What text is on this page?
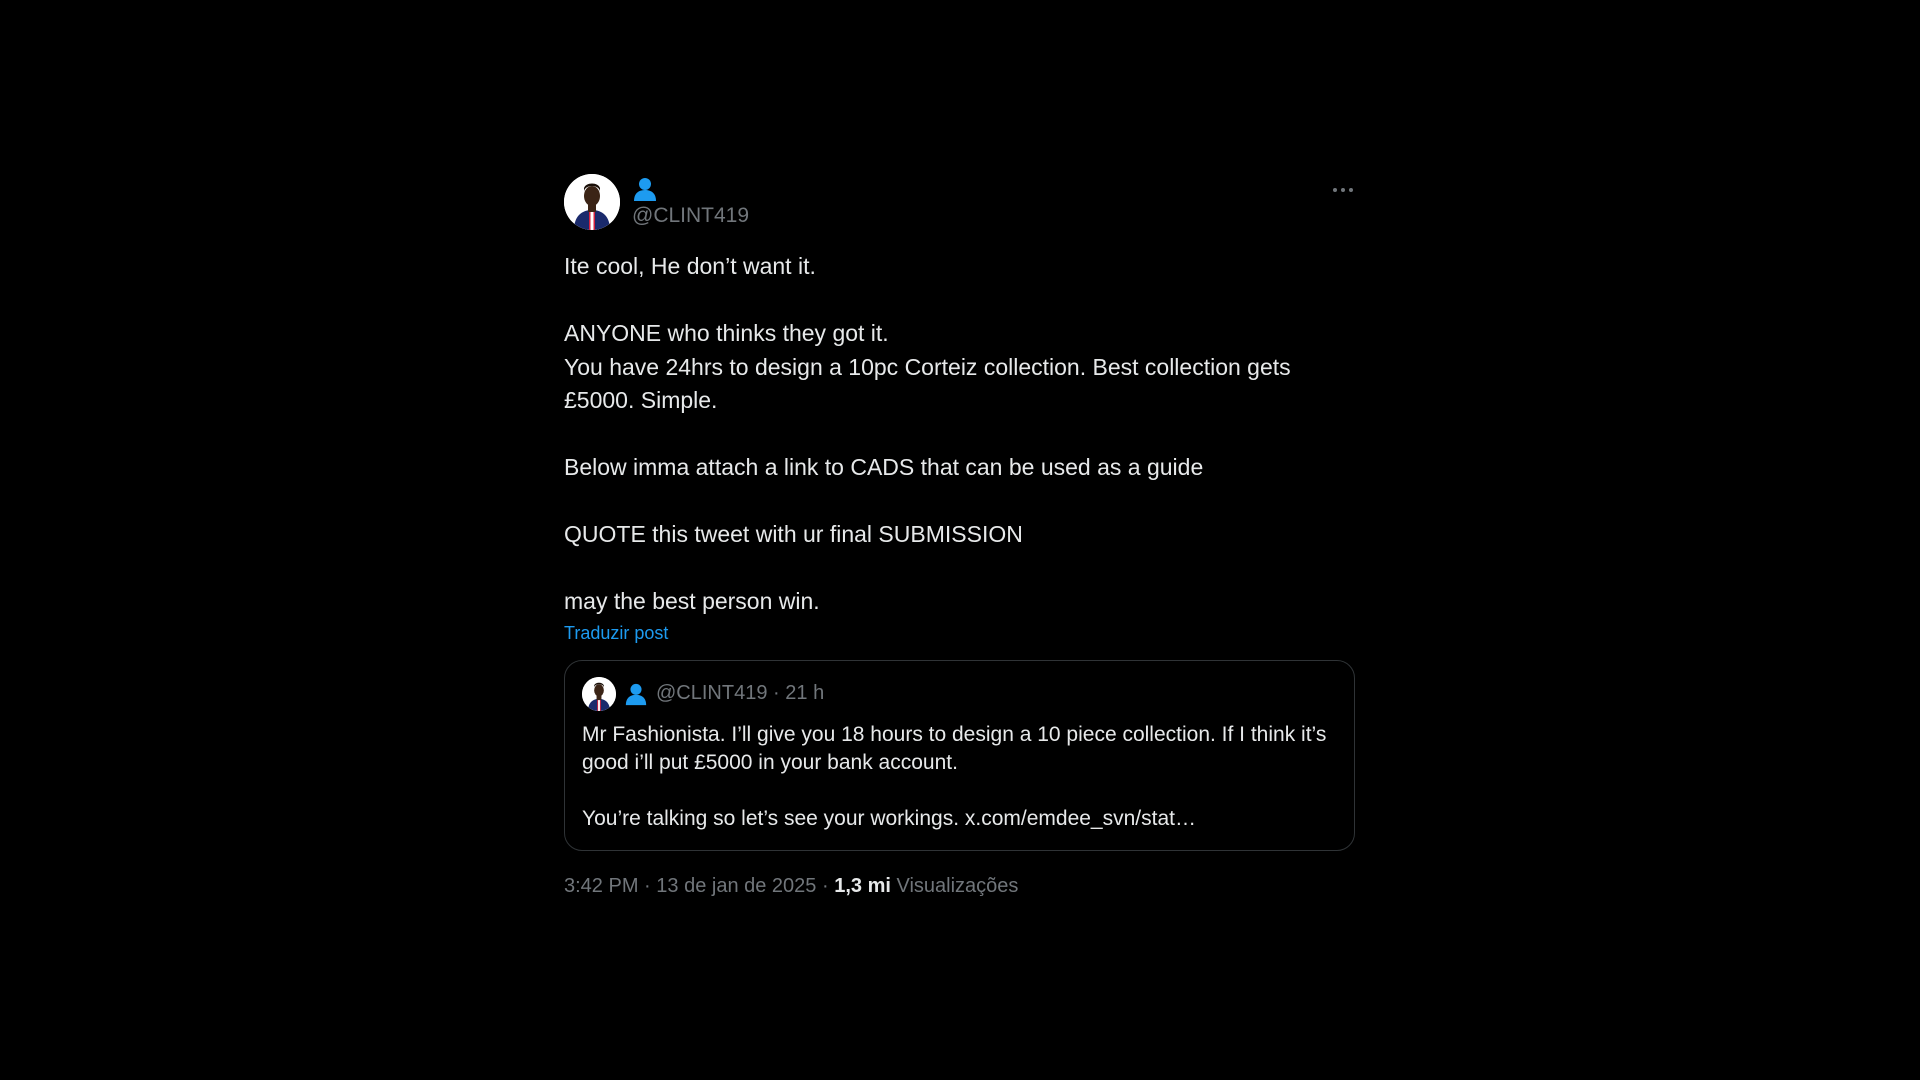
@CLINT419

Ite cool, He don’t want it.

ANYONE who thinks they got it.

You have 24hrs to design a 10pc Corteiz collection. Best collection gets £5000. Simple.

Below imma attach a link to CADS that can be used as a guide

QUOTE this tweet with ur final SUBMISSION

may the best person win.

Traduzir post
@CLINT419 · 21 h

Mr Fashionista. I’ll give you 18 hours to design a 10 piece collection. If I think it’s good i’ll put £5000 in your bank account.

You’re talking so let’s see your workings. x.com/emdee_svn/stat…

3:42 PM · 13 de jan de 2025 · 1,3 mi Visualizações
